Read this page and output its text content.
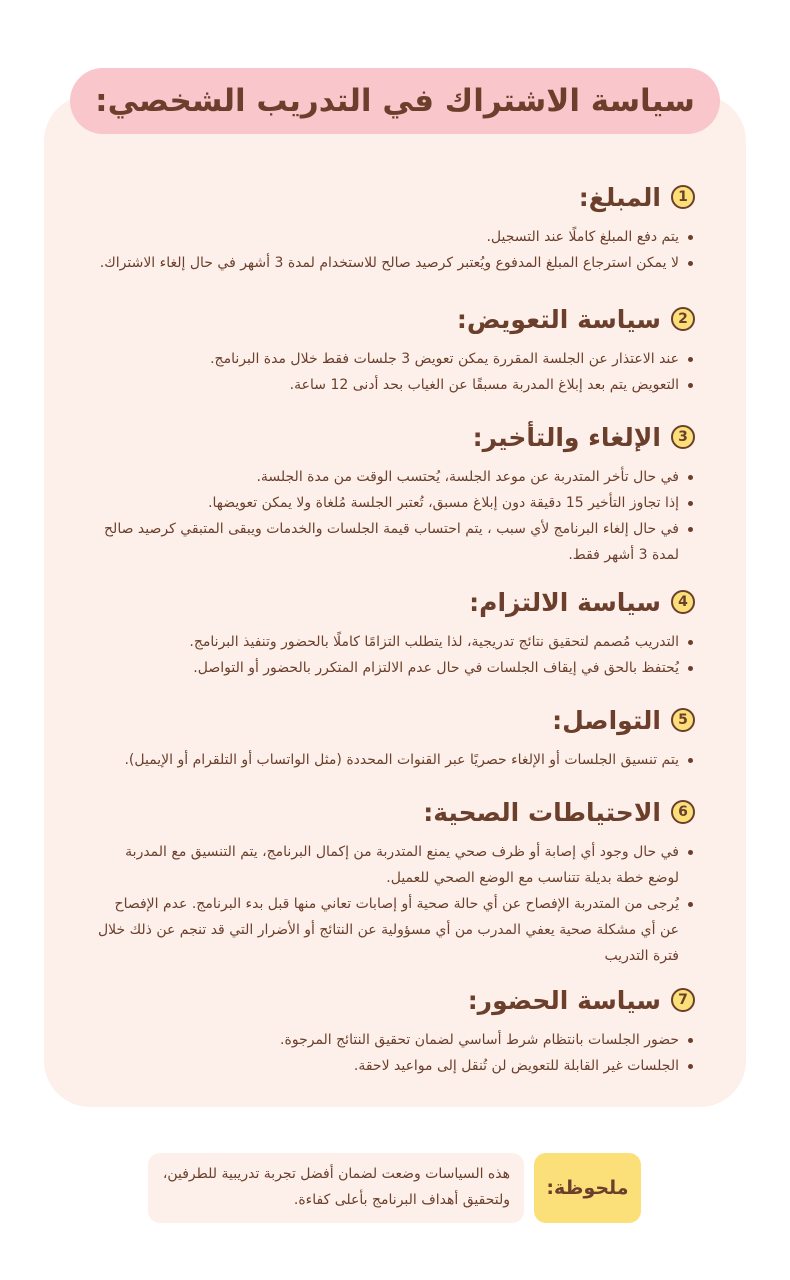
سياسة الاشتراك في التدريب الشخصي:
1
المبلغ:
يتم دفع المبلغ كاملًا عند التسجيل.
لا يمكن استرجاع المبلغ المدفوع ويُعتبر كرصيد صالح للاستخدام لمدة 3 أشهر في حال إلغاء الاشتراك.
2
سياسة التعويض:
عند الاعتذار عن الجلسة المقررة يمكن تعويض 3 جلسات فقط خلال مدة البرنامج.
التعويض يتم بعد إبلاغ المدربة مسبقًا عن الغياب بحد أدنى 12 ساعة.
3
الإلغاء والتأخير:
في حال تأخر المتدربة عن موعد الجلسة، يُحتسب الوقت من مدة الجلسة.
إذا تجاوز التأخير 15 دقيقة دون إبلاغ مسبق، تُعتبر الجلسة مُلغاة ولا يمكن تعويضها.
في حال إلغاء البرنامج لأي سبب ، يتم احتساب قيمة الجلسات والخدمات ويبقى المتبقي كرصيد صالح لمدة 3 أشهر فقط.
4
سياسة الالتزام:
التدريب مُصمم لتحقيق نتائج تدريجية، لذا يتطلب التزامًا كاملًا بالحضور وتنفيذ البرنامج.
يُحتفظ بالحق في إيقاف الجلسات في حال عدم الالتزام المتكرر بالحضور أو التواصل.
5
التواصل:
يتم تنسيق الجلسات أو الإلغاء حصريًا عبر القنوات المحددة (مثل الواتساب أو التلقرام أو الإيميل).
6
الاحتياطات الصحية:
في حال وجود أي إصابة أو ظرف صحي يمنع المتدربة من إكمال البرنامج، يتم التنسيق مع المدربة لوضع خطة بديلة تتناسب مع الوضع الصحي للعميل.
يُرجى من المتدربة الإفصاح عن أي حالة صحية أو إصابات تعاني منها قبل بدء البرنامج. عدم الإفصاح عن أي مشكلة صحية يعفي المدرب من أي مسؤولية عن النتائج أو الأضرار التي قد تنجم عن ذلك خلال فترة التدريب
7
سياسة الحضور:
حضور الجلسات بانتظام شرط أساسي لضمان تحقيق النتائج المرجوة.
الجلسات غير القابلة للتعويض لن تُنقل إلى مواعيد لاحقة.
ملحوظة:
هذه السياسات وضعت لضمان أفضل تجربة تدريبية للطرفين، ولتحقيق أهداف البرنامج بأعلى كفاءة.
